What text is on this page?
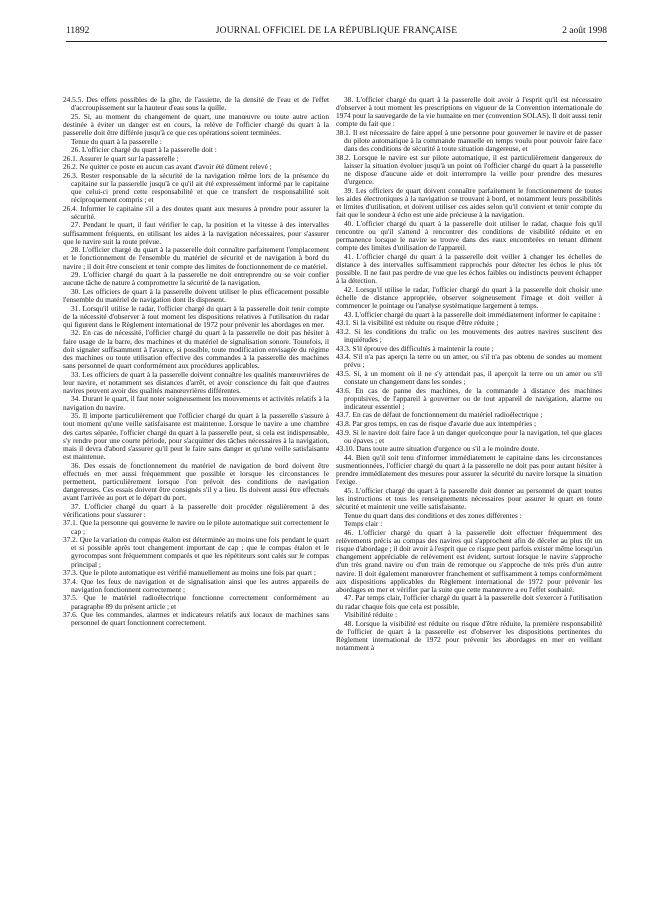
11892	JOURNAL OFFICIEL DE LA RÉPUBLIQUE FRANÇAISE	2 août 1998

24.5.5. Des effets possibles de la gîte, de l'assiette, de la densité de l'eau et de l'effet d'accroupissement sur la hauteur d'eau sous la quille.

25. Si, au moment du changement de quart, une manœuvre ou toute autre action destinée à éviter un danger est en cours, la relève de l'officier chargé du quart à la passerelle doit être différée jusqu'à ce que ces opérations soient terminées.

Tenue du quart à la passerelle :

26. L'officier chargé du quart à la passerelle doit :

26.1. Assurer le quart sur la passerelle ;

26.2. Ne quitter ce poste en aucun cas avant d'avoir été dûment relevé ;

26.3. Rester responsable de la sécurité de la navigation même lors de la présence du capitaine sur la passerelle jusqu'à ce qu'il ait été expressément informé par le capitaine que celui-ci prend cette responsabilité et que ce transfert de responsabilité soit réciproquement compris ; et

26.4. Informer le capitaine s'il a des doutes quant aux mesures à prendre pour assurer la sécurité.

27. Pendant le quart, il faut vérifier le cap, la position et la vitesse à des intervalles suffisamment fréquents, en utilisant les aides à la navigation nécessaires, pour s'assurer que le navire suit la route prévue.

28. L'officier chargé du quart à la passerelle doit connaître parfaitement l'emplacement et le fonctionnement de l'ensemble du matériel de sécurité et de navigation à bord du navire ; il doit être conscient et tenir compte des limites de fonctionnement de ce matériel.

29. L'officier chargé du quart à la passerelle ne doit entreprendre ou se voir confier aucune tâche de nature à compromettre la sécurité de la navigation.

30. Les officiers de quart à la passerelle doivent utiliser le plus efficacement possible l'ensemble du matériel de navigation dont ils disposent.

31. Lorsqu'il utilise le radar, l'officier chargé du quart à la passerelle doit tenir compte de la nécessité d'observer à tout moment les dispositions relatives à l'utilisation du radar qui figurent dans le Règlement international de 1972 pour prévenir les abordages en mer.

32. En cas de nécessité, l'officier chargé du quart à la passerelle ne doit pas hésiter à faire usage de la barre, des machines et du matériel de signalisation sonore. Toutefois, il doit signaler suffisamment à l'avance, si possible, toute modification envisagée du régime des machines ou toute utilisation effective des commandes à la passerelle des machines sans personnel de quart conformément aux procédures applicables.

33. Les officiers de quart à la passerelle doivent connaître les qualités manœuvrières de leur navire, et notamment ses distances d'arrêt, et avoir conscience du fait que d'autres navires peuvent avoir des qualités manœuvrières différentes.

34. Durant le quart, il faut noter soigneusement les mouvements et activités relatifs à la navigation du navire.

35. Il importe particulièrement que l'officier chargé du quart à la passerelle s'assure à tout moment qu'une veille satisfaisante est maintenue. Lorsque le navire a une chambre des cartes séparée, l'officier chargé du quart à la passerelle peut, si cela est indispensable, s'y rendre pour une courte période, pour s'acquitter des tâches nécessaires à la navigation, mais il devra d'abord s'assurer qu'il peut le faire sans danger et qu'une veille satisfaisante est maintenue.

36. Des essais de fonctionnement du matériel de navigation de bord doivent être effectués en mer aussi fréquemment que possible et lorsque les circonstances le permettent, particulièrement lorsque l'on prévoit des conditions de navigation dangereuses. Ces essais doivent être consignés s'il y a lieu. Ils doivent aussi être effectués avant l'arrivée au port et le départ du port.

37. L'officier chargé du quart à la passerelle doit procéder régulièrement à des vérifications pour s'assurer :

37.1. Que la personne qui gouverne le navire ou le pilote automatique suit correctement le cap ;

37.2. Que la variation du compas étalon est déterminée au moins une fois pendant le quart et si possible après tout changement important de cap ; que le compas étalon et le gyrocompas sont fréquemment comparés et que les répétiteurs sont calés sur le compas principal ;

37.3. Que le pilote automatique est vérifié manuellement au moins une fois par quart ;

37.4. Que les feux de navigation et de signalisation ainsi que les autres appareils de navigation fonctionnent correctement ;

37.5. Que le matériel radioélectrique fonctionne correctement conformément au paragraphe 89 du présent article ; et

37.6. Que les commandes, alarmes et indicateurs relatifs aux locaux de machines sans personnel de quart fonctionnent correctement.

38. L'officier chargé du quart à la passerelle doit avoir à l'esprit qu'il est nécessaire d'observer à tout moment les prescriptions en vigueur de la Convention internationale de 1974 pour la sauvegarde de la vie humaine en mer (convention SOLAS). Il doit aussi tenir compte du fait que :

38.1. Il est nécessaire de faire appel à une personne pour gouverner le navire et de passer du pilote automatique à la commande manuelle en temps voulu pour pouvoir faire face dans des conditions de sécurité à toute situation dangereuse, et

38.2. Lorsque le navire est sur pilote automatique, il est particulièrement dangereux de laisser la situation évoluer jusqu'à un point où l'officier chargé du quart à la passerelle ne dispose d'aucune aide et doit interrompre la veille pour prendre des mesures d'urgence.

39. Les officiers de quart doivent connaître parfaitement le fonctionnement de toutes les aides électroniques à la navigation se trouvant à bord, et notamment leurs possibilités et limites d'utilisation, et doivent utiliser ces aides selon qu'il convient et tenir compte du fait que le sondeur à écho est une aide précieuse à la navigation.

40. L'officier chargé du quart à la passerelle doit utiliser le radar, chaque fois qu'il rencontre ou qu'il s'attend à rencontrer des conditions de visibilité réduite et en permanence lorsque le navire se trouve dans des eaux encombrées en tenant dûment compte des limites d'utilisation de l'appareil.

41. L'officier chargé du quart à la passerelle doit veiller à changer les échelles de distance à des intervalles suffisamment rapprochés pour détecter les échos le plus tôt possible. Il ne faut pas perdre de vue que les échos faibles ou indistincts peuvent échapper à la détection.

42. Lorsqu'il utilise le radar, l'officier chargé du quart à la passerelle doit choisir une échelle de distance appropriée, observer soigneusement l'image et doit veiller à commencer le pointage ou l'analyse systématique largement à temps.

43. L'officier chargé du quart à la passerelle doit immédiatement informer le capitaine :

43.1. Si la visibilité est réduite ou risque d'être réduite ;

43.2. Si les conditions du trafic ou les mouvements des autres navires suscitent des inquiétudes ;

43.3. S'il éprouve des difficultés à maintenir la route ;

43.4. S'il n'a pas aperçu la terre ou un amer, ou s'il n'a pas obtenu de sondes au moment prévu ;

43.5. Si, à un moment où il ne s'y attendait pas, il aperçoit la terre ou un amer ou s'il constate un changement dans les sondes ;

43.6. En cas de panne des machines, de la commande à distance des machines propulsives, de l'appareil à gouverner ou de tout appareil de navigation, alarme ou indicateur essentiel ;

43.7. En cas de défaut de fonctionnement du matériel radioélectrique ;

43.8. Par gros temps, en cas de risque d'avarie due aux intempéries ;

43.9. Si le navire doit faire face à un danger quelconque pour la navigation, tel que glaces ou épaves ; et

43.10. Dans toute autre situation d'urgence ou s'il a le moindre doute.

44. Bien qu'il soit tenu d'informer immédiatement le capitaine dans les circonstances susmentionnées, l'officier chargé du quart à la passerelle ne doit pas pour autant hésiter à prendre immédiatement des mesures pour assurer la sécurité du navire lorsque la situation l'exige.

45. L'officier chargé du quart à la passerelle doit donner au personnel de quart toutes les instructions et tous les renseignements nécessaires pour assurer le quart en toute sécurité et maintenir une veille satisfaisante.

Tenue du quart dans des conditions et des zones différentes :

Temps clair :

46. L'officier chargé du quart à la passerelle doit effectuer fréquemment des relèvements précis au compas des navires qui s'approchent afin de déceler au plus tôt un risque d'abordage ; il doit avoir à l'esprit que ce risque peut parfois exister même lorsqu'un changement appréciable de relèvement est évident, surtout lorsque le navire s'approche d'un très grand navire ou d'un train de remorque ou s'approche de très près d'un autre navire. Il doit également manœuvrer franchement et suffisamment à temps conformément aux dispositions applicables du Règlement international de 1972 pour prévenir les abordages en mer et vérifier par la suite que cette manœuvre a eu l'effet souhaité.

47. Par temps clair, l'officier chargé du quart à la passerelle doit s'exercer à l'utilisation du radar chaque fois que cela est possible.

Visibilité réduite :

48. Lorsque la visibilité est réduite ou risque d'être réduite, la première responsabilité de l'officier de quart à la passerelle est d'observer les dispositions pertinentes du Règlement international de 1972 pour prévenir les abordages en mer en veillant notamment à
